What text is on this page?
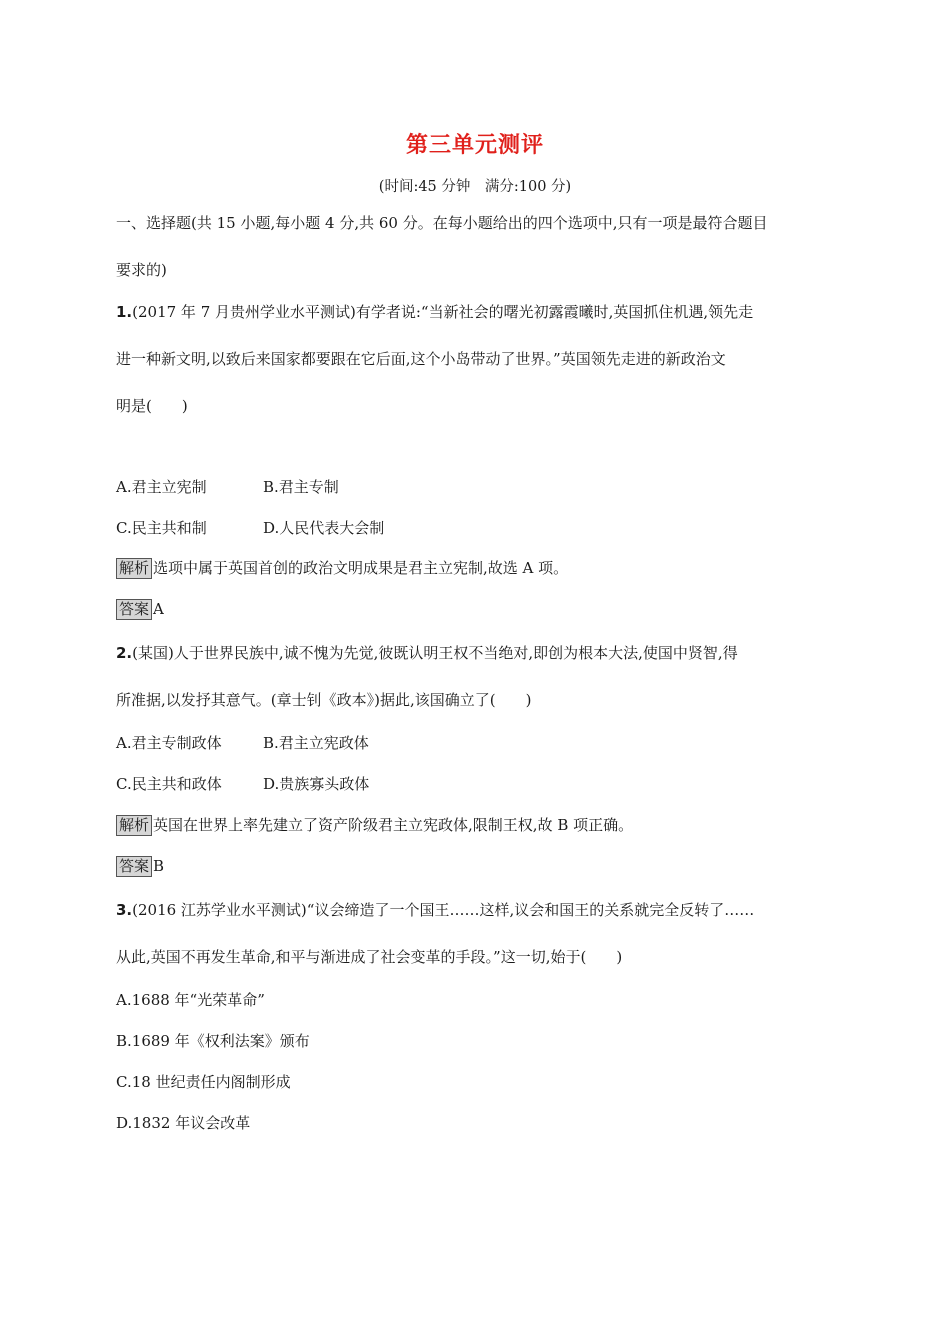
第三单元测评
(时间:45 分钟　满分:100 分)
一、选择题(共 15 小题,每小题 4 分,共 60 分。在每小题给出的四个选项中,只有一项是最符合题目
要求的)
1.(2017 年 7 月贵州学业水平测试)有学者说:“当新社会的曙光初露霞曦时,英国抓住机遇,领先走
进一种新文明,以致后来国家都要跟在它后面,这个小岛带动了世界。”英国领先走进的新政治文
明是(　　)
A.君主立宪制	B.君主专制
C.民主共和制	D.人民代表大会制
解析 选项中属于英国首创的政治文明成果是君主立宪制,故选 A 项。
答案 A
2.(某国)人于世界民族中,诚不愧为先觉,彼既认明王权不当绝对,即创为根本大法,使国中贤智,得
所准据,以发抒其意气。(章士钊《政本》)据此,该国确立了(　　)
A.君主专制政体	B.君主立宪政体
C.民主共和政体	D.贵族寡头政体
解析 英国在世界上率先建立了资产阶级君主立宪政体,限制王权,故 B 项正确。
答案 B
3.(2016 江苏学业水平测试)“议会缔造了一个国王……这样,议会和国王的关系就完全反转了……
从此,英国不再发生革命,和平与渐进成了社会变革的手段。”这一切,始于(　　)
A.1688 年“光荣革命”
B.1689 年《权利法案》颁布
C.18 世纪责任内阁制形成
D.1832 年议会改革
